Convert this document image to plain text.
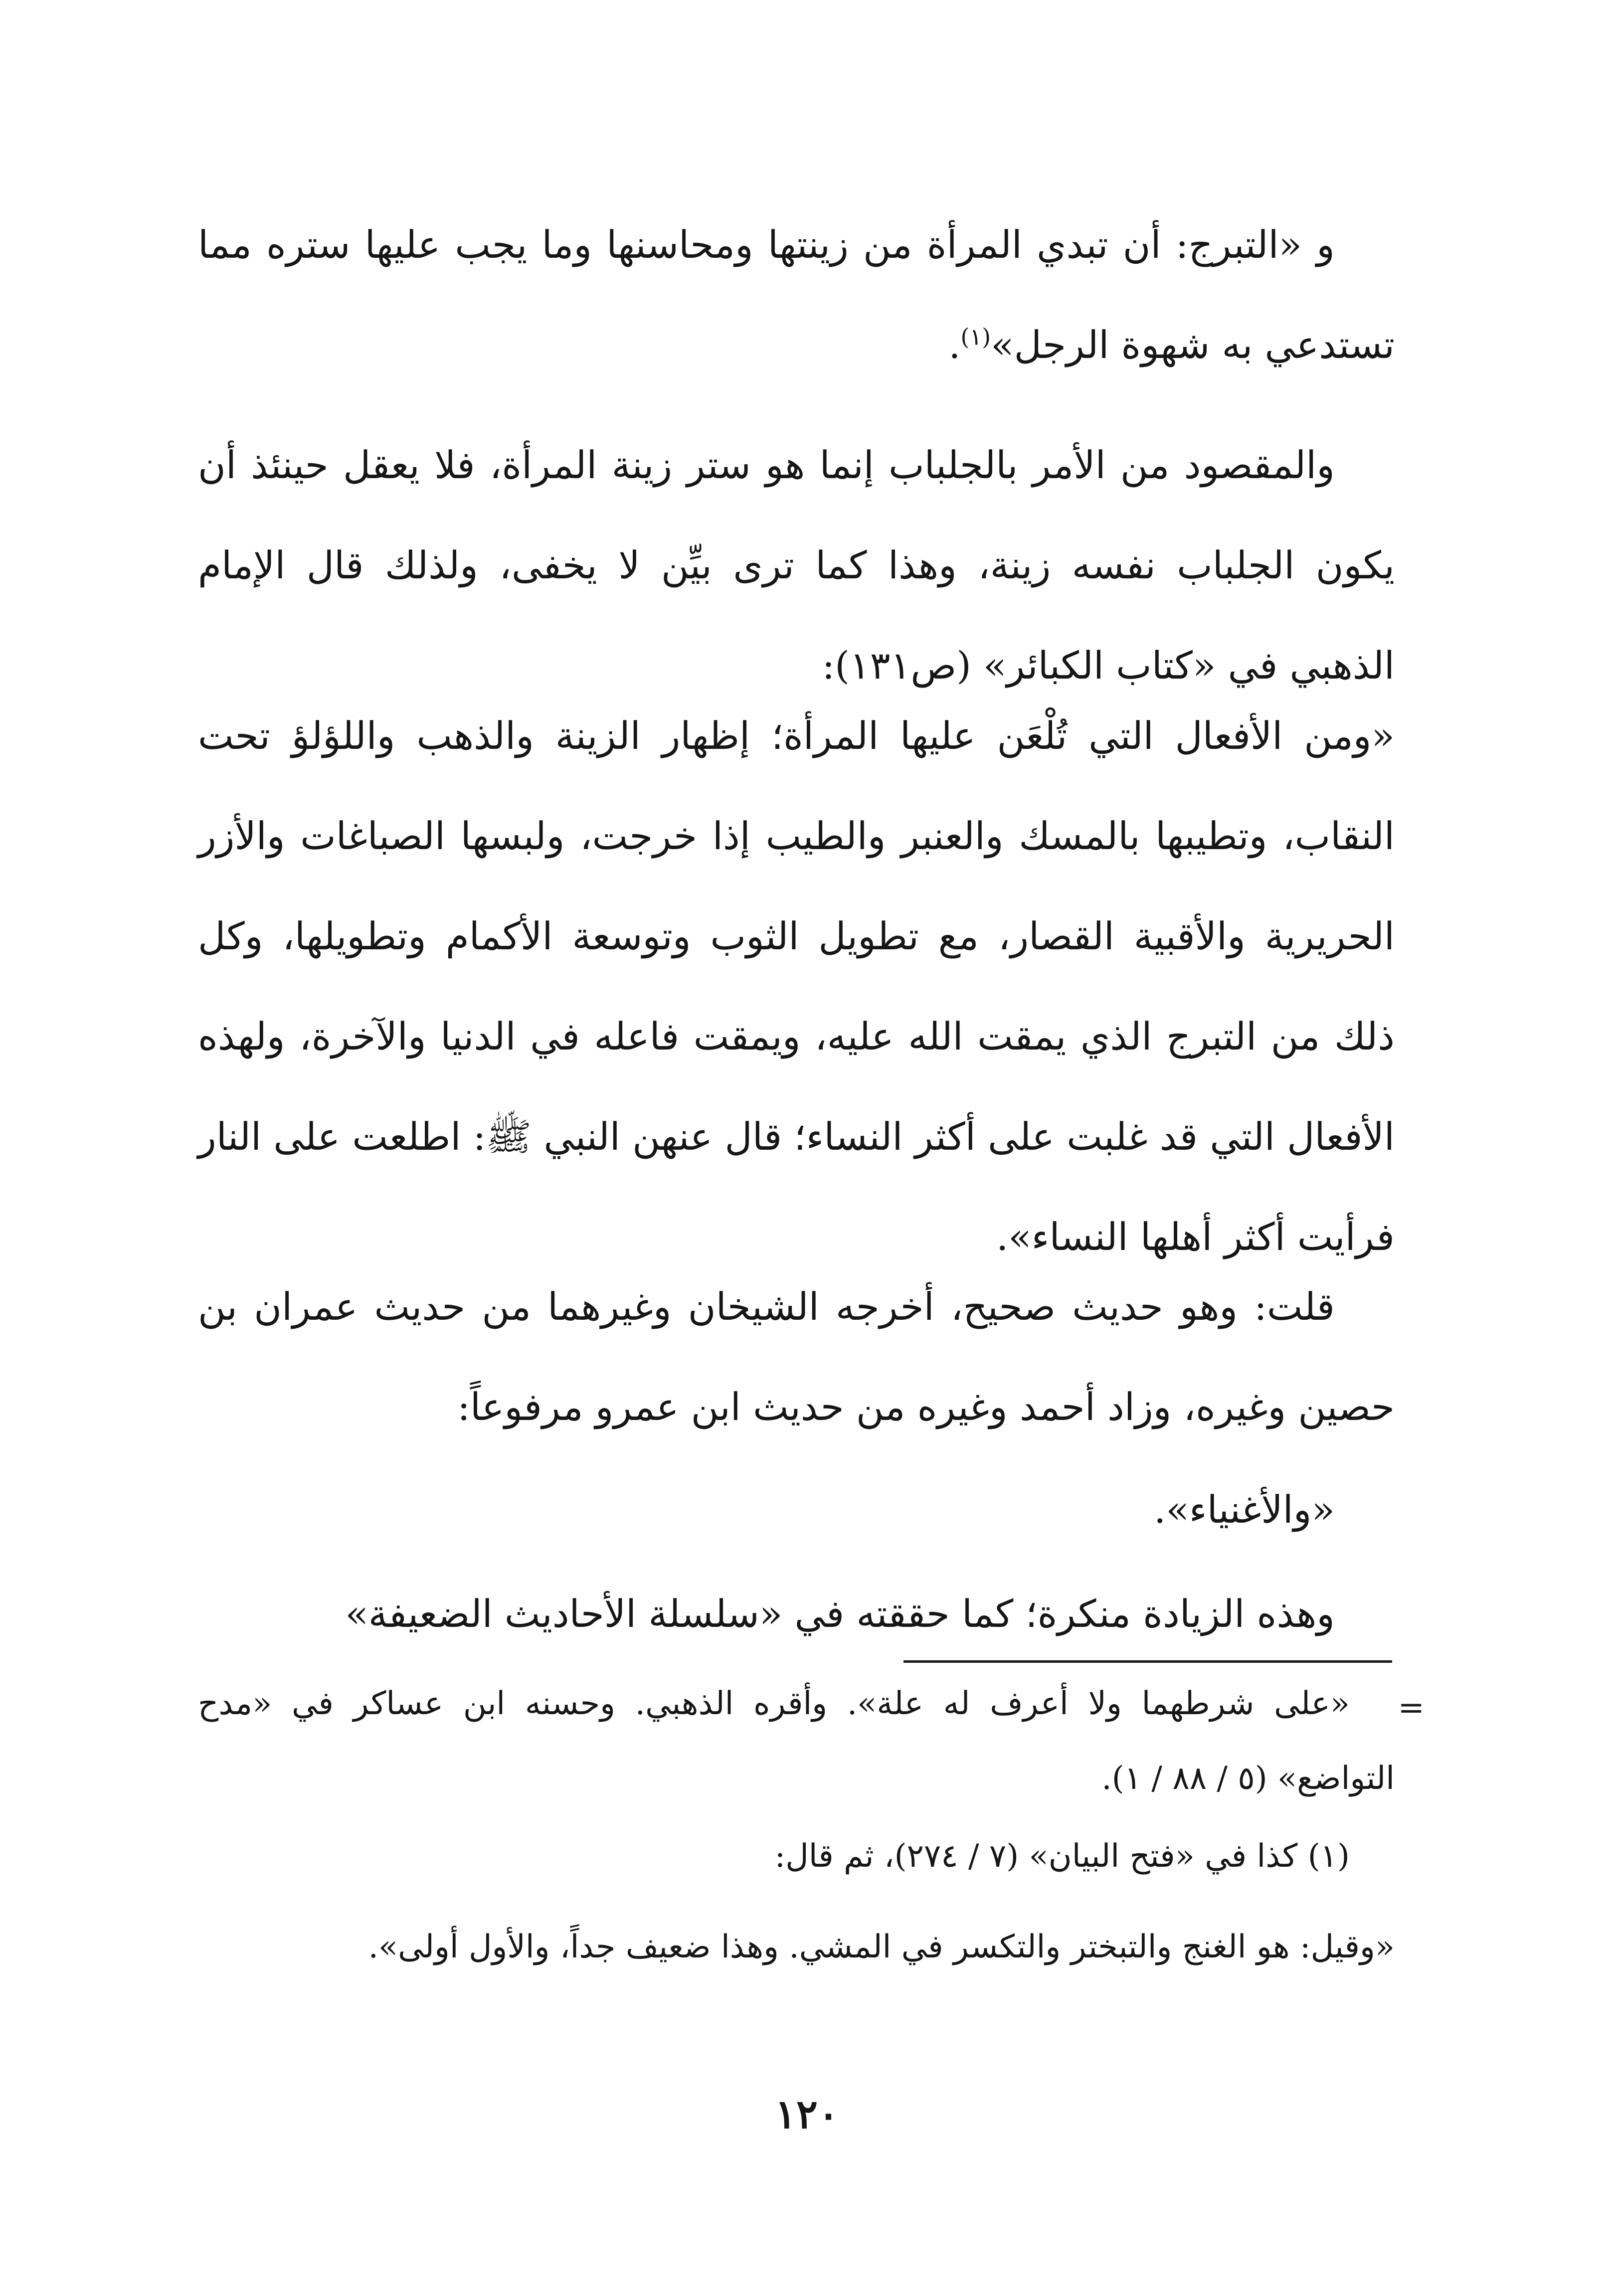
و «التبرج: أن تبدي المرأة من زينتها ومحاسنها وما يجب عليها ستره مما تستدعي به شهوة الرجل»$^{(١)}$.

والمقصود من الأمر بالجلباب إنما هو ستر زينة المرأة، فلا يعقل حينئذ أن يكون الجلباب نفسه زينة، وهذا كما ترى بيِّن لا يخفى، ولذلك قال الإمام الذهبي في «كتاب الكبائر» (ص١٣١):

«ومن الأفعال التي تُلْعَن عليها المرأة؛ إظهار الزينة والذهب واللؤلؤ تحت النقاب، وتطيبها بالمسك والعنبر والطيب إذا خرجت، ولبسها الصباغات والأزر الحريرية والأقبية القصار، مع تطويل الثوب وتوسعة الأكمام وتطويلها، وكل ذلك من التبرج الذي يمقت الله عليه، ويمقت فاعله في الدنيا والآخرة، ولهذه الأفعال التي قد غلبت على أكثر النساء؛ قال عنهن النبي ﷺ: اطلعت على النار فرأيت أكثر أهلها النساء».

قلت: وهو حديث صحيح، أخرجه الشيخان وغيرهما من حديث عمران بن حصين وغيره، وزاد أحمد وغيره من حديث ابن عمرو مرفوعاً:

«والأغنياء».

وهذه الزيادة منكرة؛ كما حققته في «سلسلة الأحاديث الضعيفة»

=

«على شرطهما ولا أعرف له علة». وأقره الذهبي. وحسنه ابن عساكر في «مدح التواضع» (٥ / ٨٨ / ١).

(١) كذا في «فتح البيان» (٧ / ٢٧٤)، ثم قال:

«وقيل: هو الغنج والتبختر والتكسر في المشي. وهذا ضعيف جداً، والأول أولى».

١٢٠
